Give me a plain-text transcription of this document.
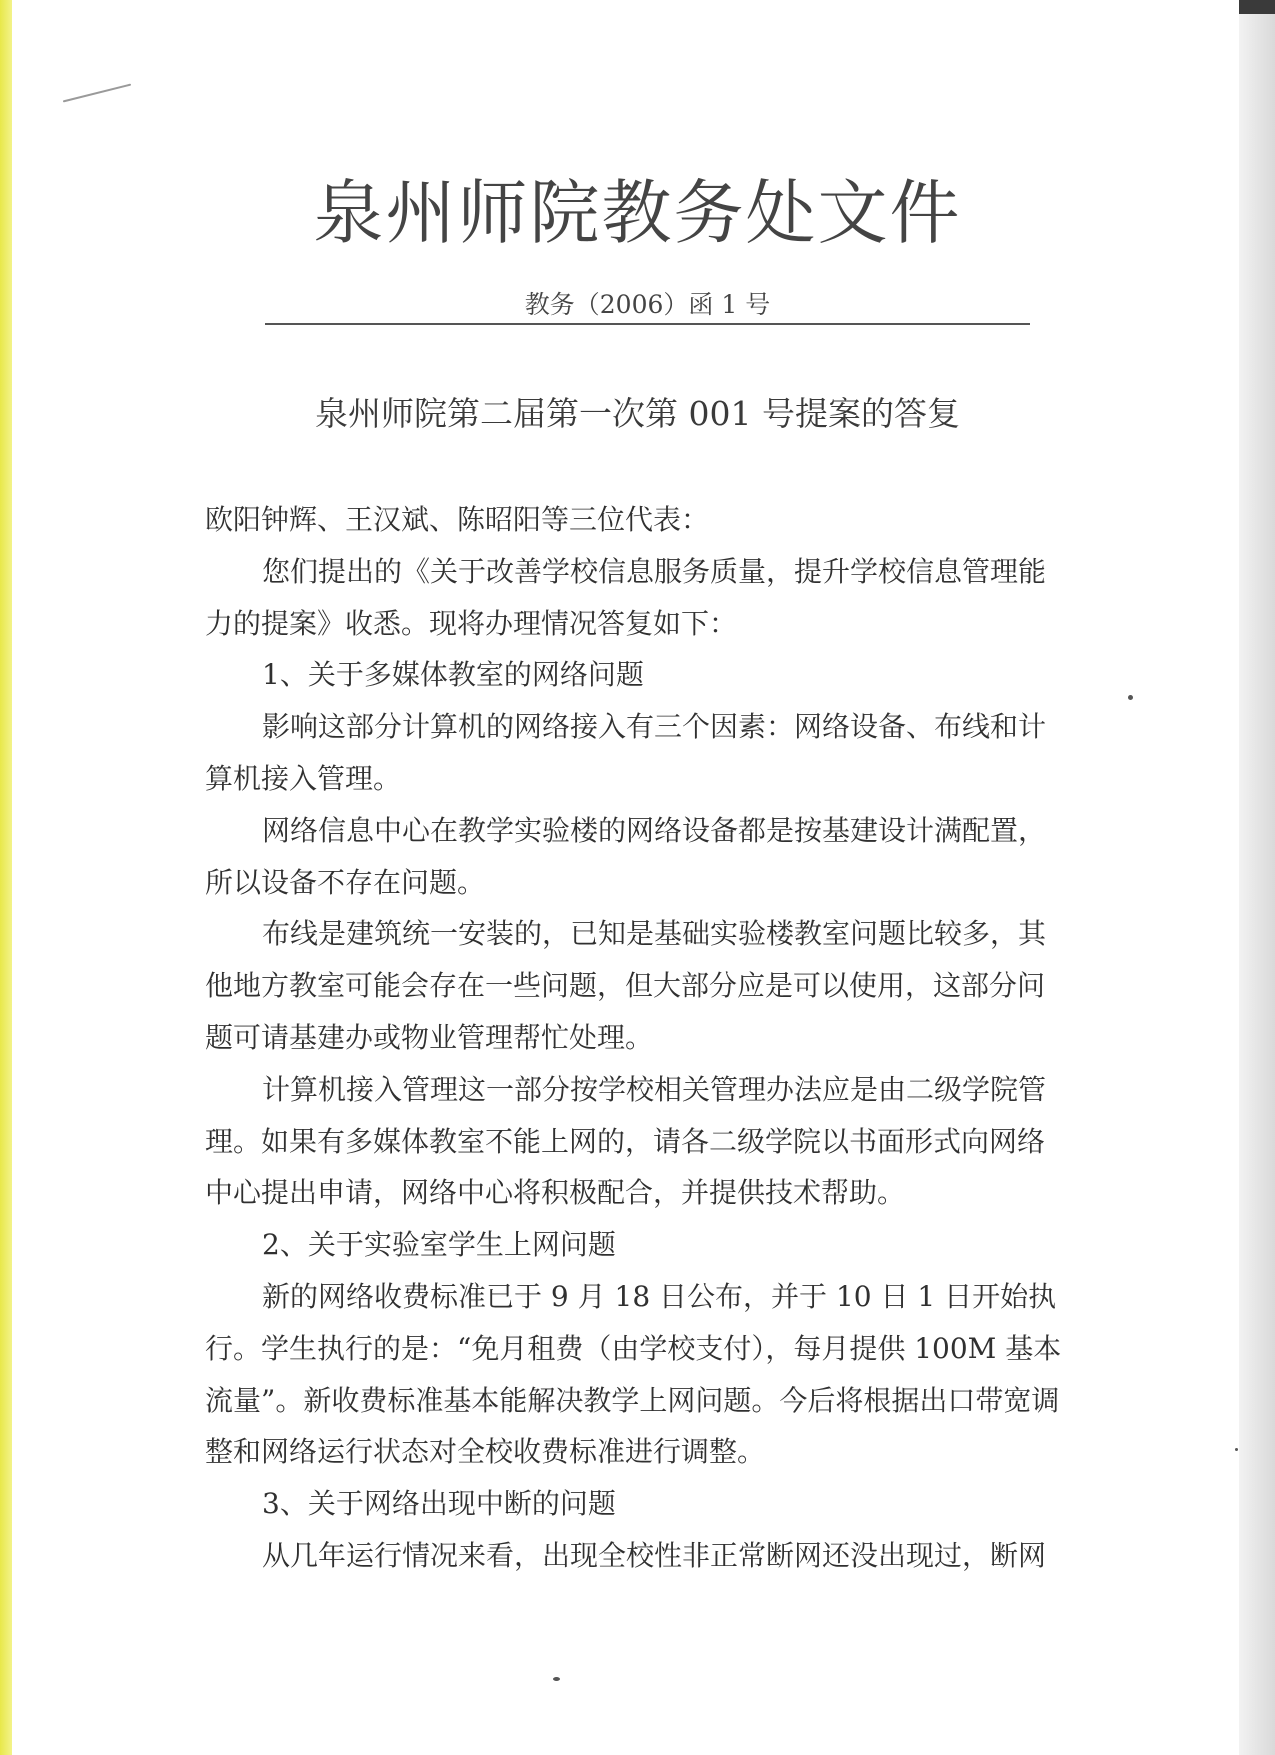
泉州师院教务处文件
教务（2006）函 1 号
泉州师院第二届第一次第 001 号提案的答复

欧阳钟辉、王汉斌、陈昭阳等三位代表：

您们提出的《关于改善学校信息服务质量，提升学校信息管理能力的提案》收悉。现将办理情况答复如下：

1、关于多媒体教室的网络问题

影响这部分计算机的网络接入有三个因素：网络设备、布线和计算机接入管理。

网络信息中心在教学实验楼的网络设备都是按基建设计满配置，所以设备不存在问题。

布线是建筑统一安装的，已知是基础实验楼教室问题比较多，其他地方教室可能会存在一些问题，但大部分应是可以使用，这部分问题可请基建办或物业管理帮忙处理。

计算机接入管理这一部分按学校相关管理办法应是由二级学院管理。如果有多媒体教室不能上网的，请各二级学院以书面形式向网络中心提出申请，网络中心将积极配合，并提供技术帮助。

2、关于实验室学生上网问题

新的网络收费标准已于 9 月 18 日公布，并于 10 日 1 日开始执行。学生执行的是：“免月租费（由学校支付），每月提供 100M 基本流量”。新收费标准基本能解决教学上网问题。今后将根据出口带宽调整和网络运行状态对全校收费标准进行调整。

3、关于网络出现中断的问题

从几年运行情况来看，出现全校性非正常断网还没出现过，断网
